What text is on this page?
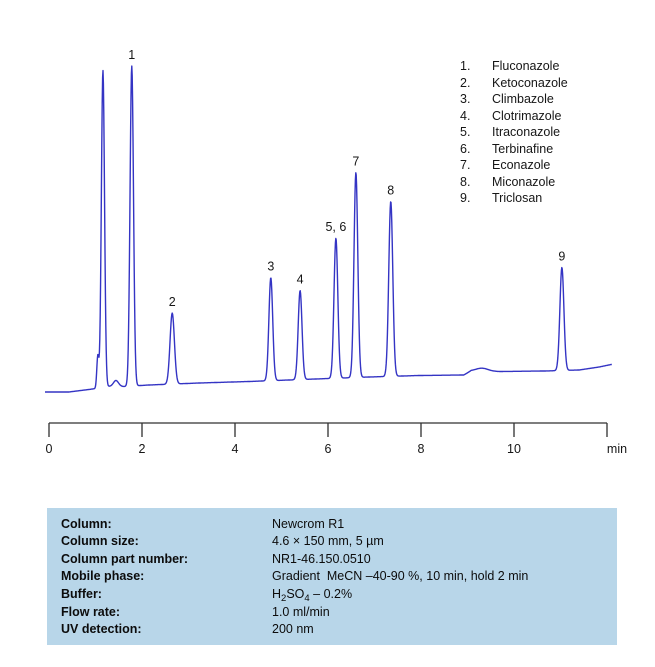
0	2	4	6	8	10	min
1
2
3
4
5, 6
7
8
9
1.	Fluconazole
2.	Ketoconazole
3.	Climbazole
4.	Clotrimazole
5.	Itraconazole
6.	Terbinafine
7.	Econazole
8.	Miconazole
9.	Triclosan
Column:	Newcrom R1
Column size:	4.6 × 150 mm, 5 µm
Column part number:	NR1-46.150.0510
Mobile phase:	Gradient  MeCN –40-90 %, 10 min, hold 2 min
Buffer:	$H_2SO_4 - 0.2\%$
Flow rate:	1.0 ml/min
UV detection:	200 nm
